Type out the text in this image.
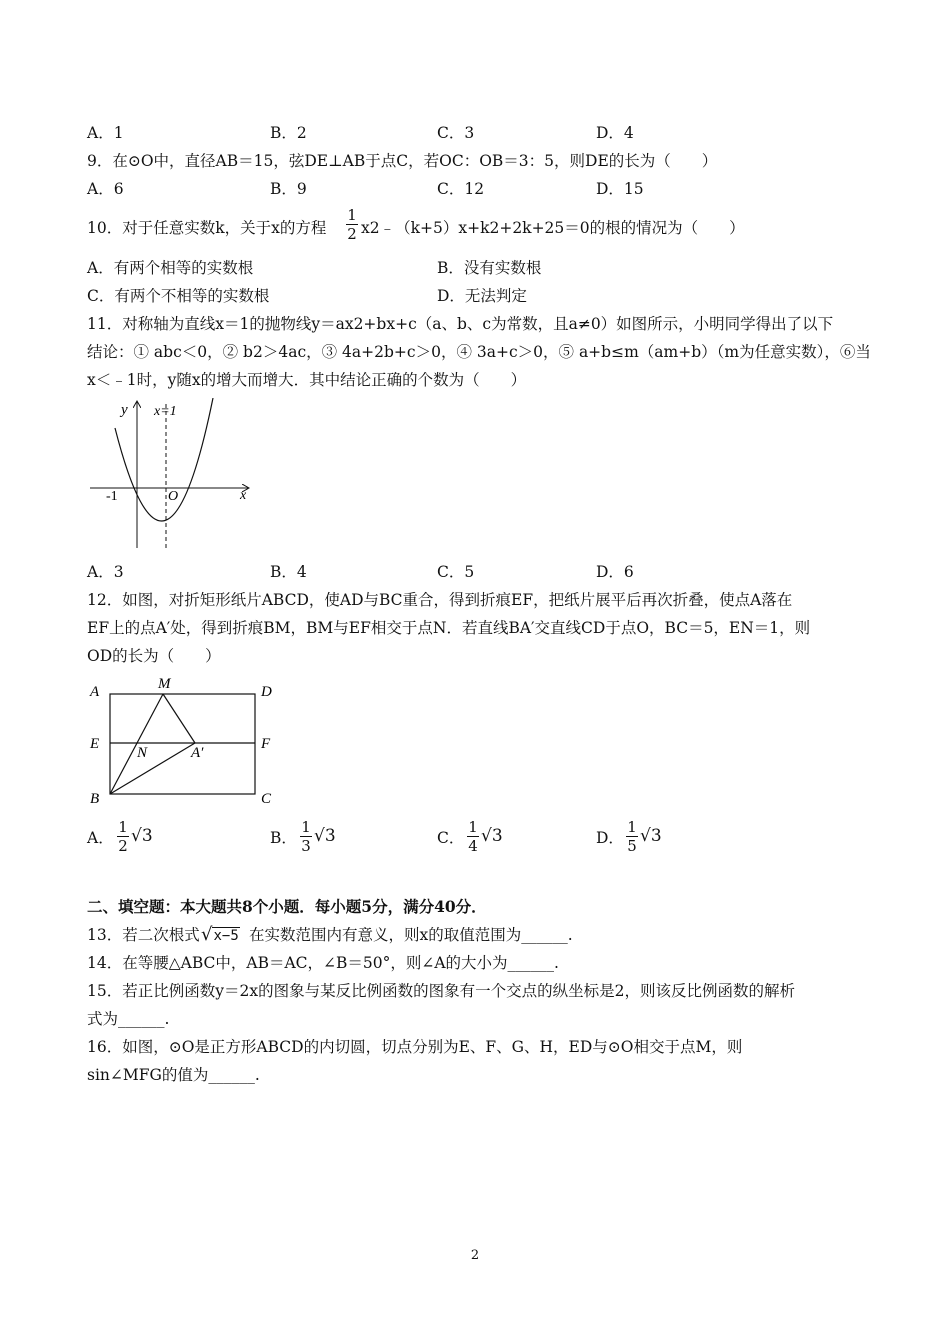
A．1	B．2	C．3	D．4
9．在⊙O中，直径AB＝15，弦DE⊥AB于点C，若OC：OB＝3：5，则DE的长为（　　）
A．6	B．9	C．12	D．15
10．对于任意实数k，关于x的方程
1
2 x2﹣（k+5）x+k2+2k+25＝0的根的情况为（　　）
A．有两个相等的实数根	B．没有实数根
C．有两个不相等的实数根	D．无法判定
11．对称轴为直线x＝1的抛物线y＝ax2+bx+c（a、b、c为常数，且a≠0）如图所示，小明同学得出了以下
结论：① abc＜0，② b2＞4ac，③ 4a+2b+c＞0，④ 3a+c＞0，⑤ a+b≤m（am+b）（m为任意实数），⑥当
x＜﹣1时，y随x的增大而增大．其中结论正确的个数为（　　）
y x=1
-1	O	x
A．3	B．4	C．5	D．6
12．如图，对折矩形纸片ABCD，使AD与BC重合，得到折痕EF，把纸片展平后再次折叠，使点A落在
EF上的点A′处，得到折痕BM，BM与EF相交于点N．若直线BA′交直线CD于点O，BC＝5，EN＝1，则
OD的长为（　　）
A	M	D
E	F
N	A′
B	C
A．
1
2 √3	B．
1
3 √3	C．
1
4 √3	D．
1
5 √3
二、填空题：本大题共8个小题．每小题5分，满分40分．
13．若二次根式 √x−5 在实数范围内有意义，则x的取值范围为______.
14．在等腰△ABC中，AB＝AC，∠B＝50°，则∠A的大小为______.
15．若正比例函数y＝2x的图象与某反比例函数的图象有一个交点的纵坐标是2，则该反比例函数的解析
式为______.
16．如图，⊙O是正方形ABCD的内切圆，切点分别为E、F、G、H，ED与⊙O相交于点M，则
sin∠MFG的值为______.
2
